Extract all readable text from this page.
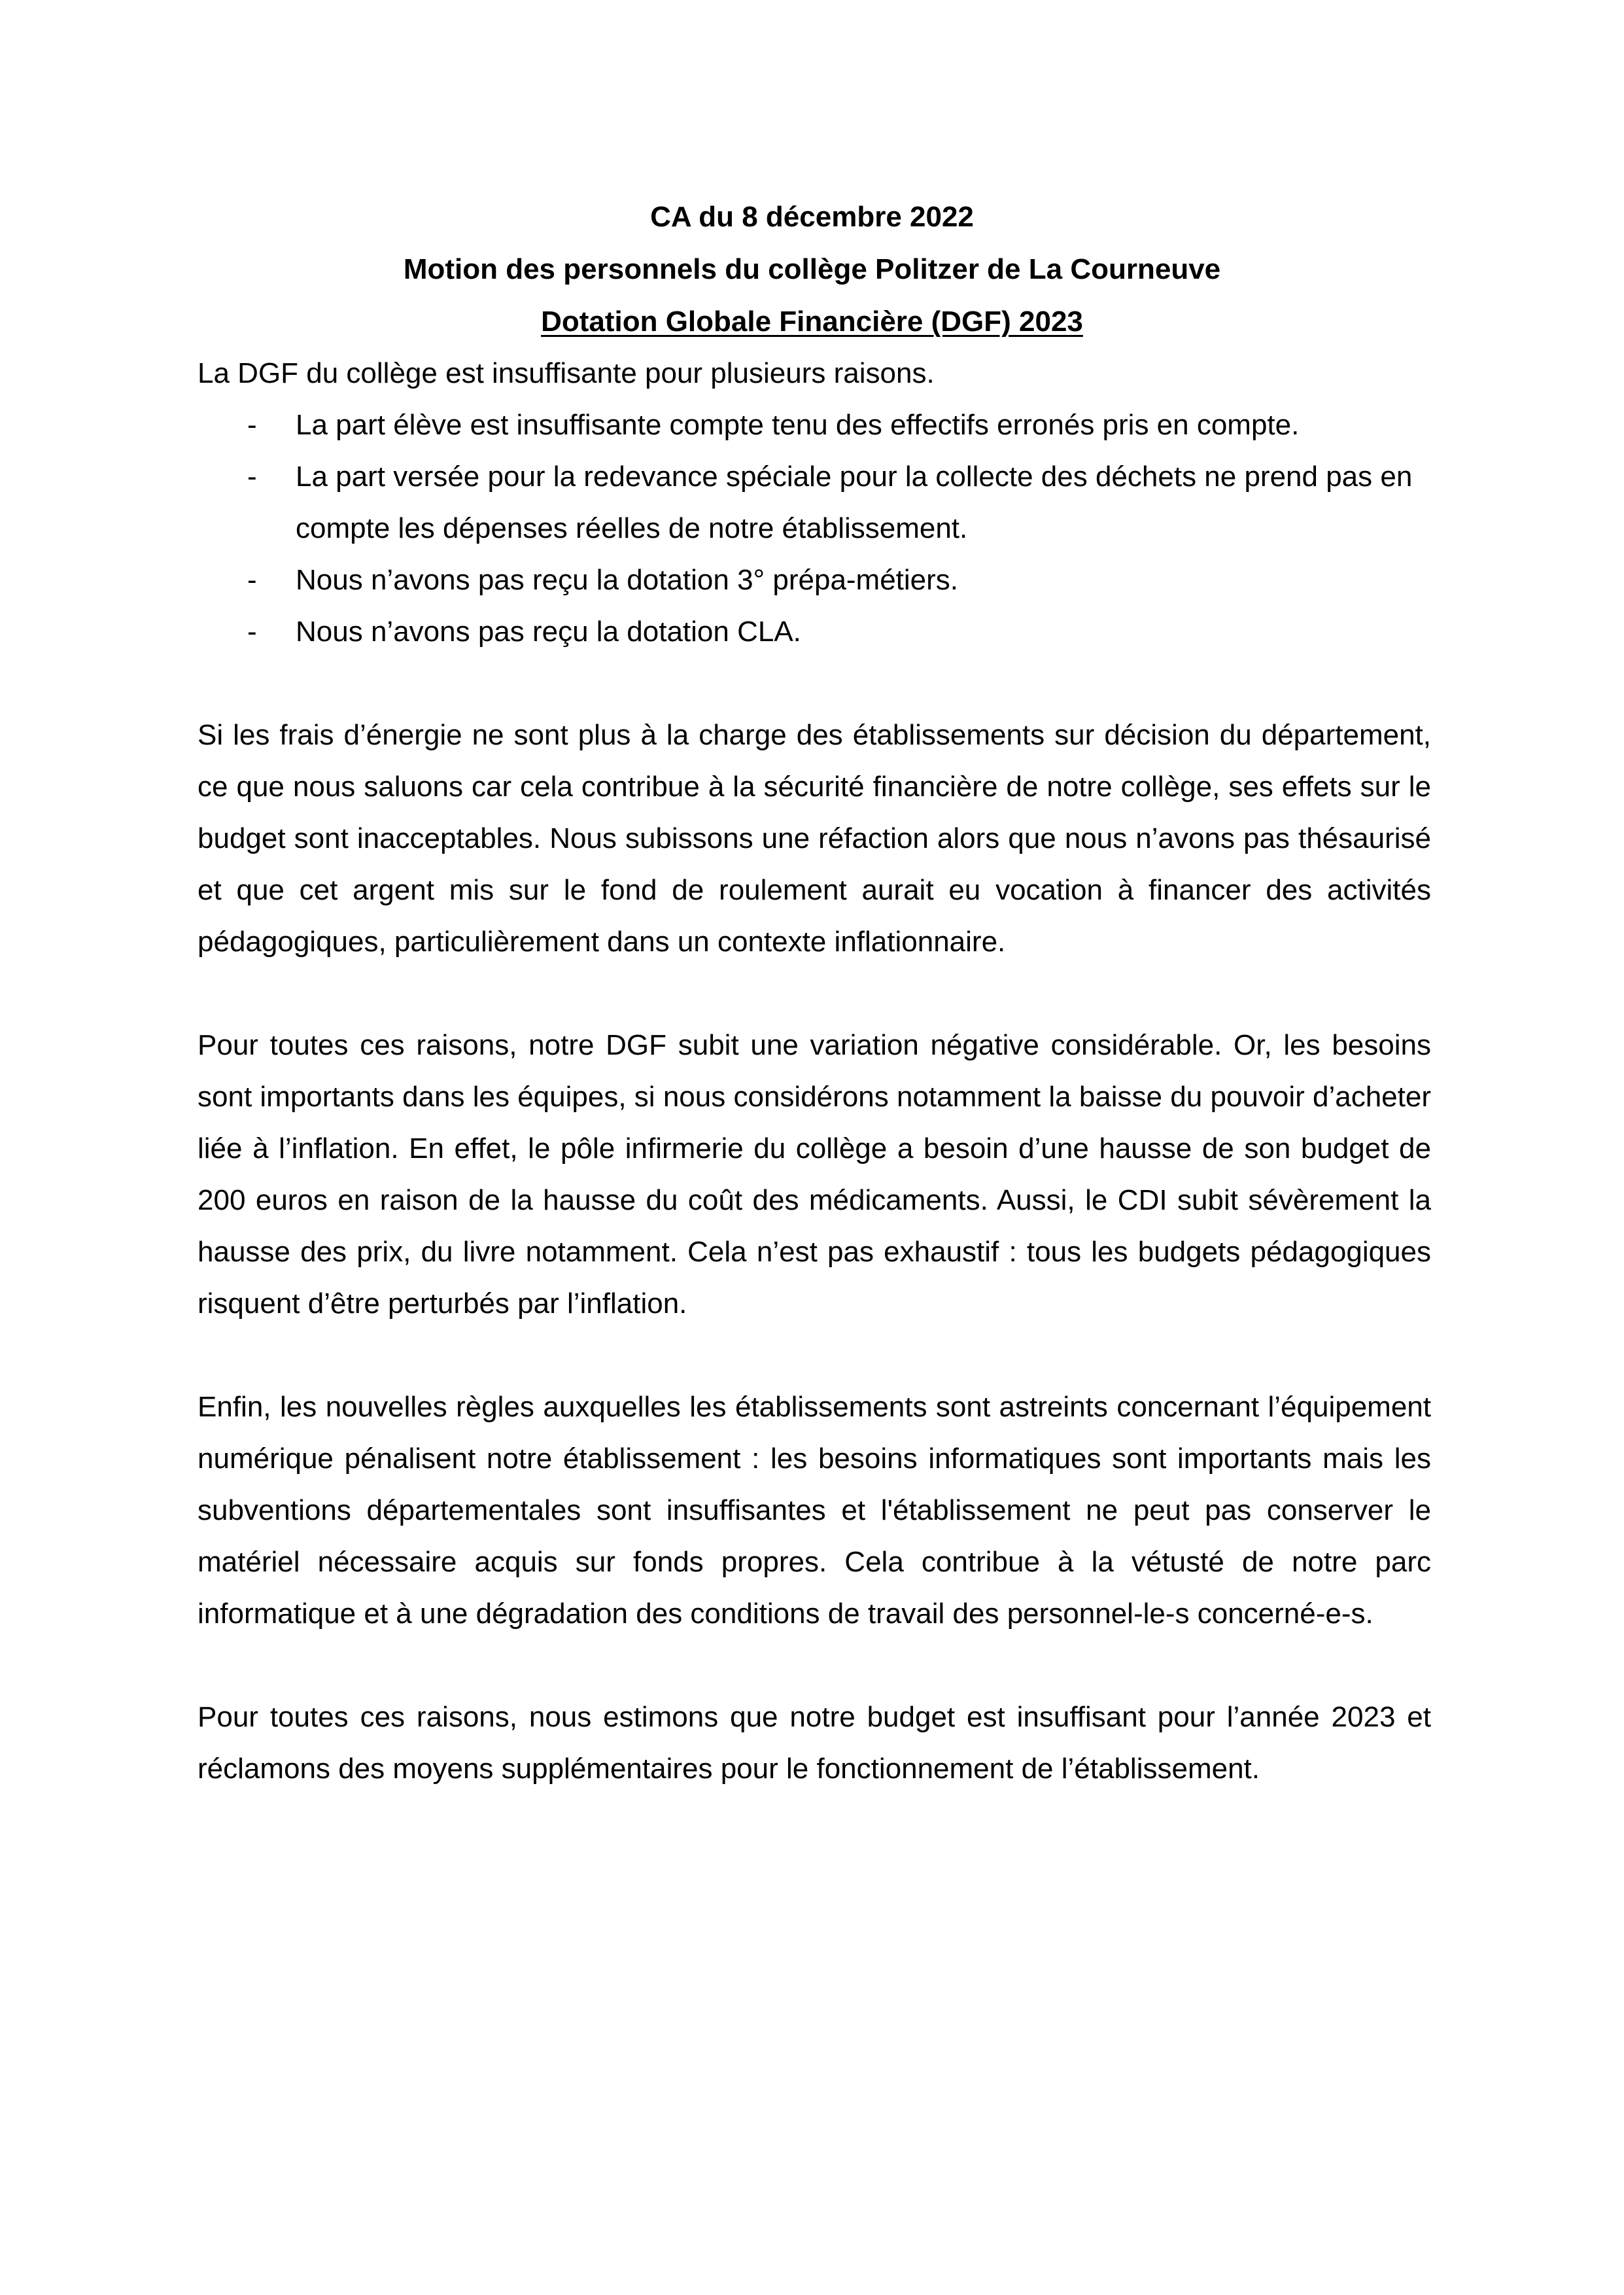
CA du 8 décembre 2022
Motion des personnels du collège Politzer de La Courneuve
Dotation Globale Financière (DGF) 2023

La DGF du collège est insuffisante pour plusieurs raisons.

- La part élève est insuffisante compte tenu des effectifs erronés pris en compte.
- La part versée pour la redevance spéciale pour la collecte des déchets ne prend pas en compte les dépenses réelles de notre établissement.
- Nous n’avons pas reçu la dotation 3° prépa-métiers.
- Nous n’avons pas reçu la dotation CLA.

Si les frais d’énergie ne sont plus à la charge des établissements sur décision du département, ce que nous saluons car cela contribue à la sécurité financière de notre collège, ses effets sur le budget sont inacceptables. Nous subissons une réfaction alors que nous n’avons pas thésaurisé et que cet argent mis sur le fond de roulement aurait eu vocation à financer des activités pédagogiques, particulièrement dans un contexte inflationnaire.

Pour toutes ces raisons, notre DGF subit une variation négative considérable. Or, les besoins sont importants dans les équipes, si nous considérons notamment la baisse du pouvoir d’acheter liée à l’inflation. En effet, le pôle infirmerie du collège a besoin d’une hausse de son budget de 200 euros en raison de la hausse du coût des médicaments. Aussi, le CDI subit sévèrement la hausse des prix, du livre notamment. Cela n’est pas exhaustif : tous les budgets pédagogiques risquent d’être perturbés par l’inflation.

Enfin, les nouvelles règles auxquelles les établissements sont astreints concernant l’équipement numérique pénalisent notre établissement : les besoins informatiques sont importants mais les subventions départementales sont insuffisantes et l'établissement ne peut pas conserver le matériel nécessaire acquis sur fonds propres. Cela contribue à la vétusté de notre parc informatique et à une dégradation des conditions de travail des personnel-le-s concerné-e-s.

Pour toutes ces raisons, nous estimons que notre budget est insuffisant pour l’année 2023 et réclamons des moyens supplémentaires pour le fonctionnement de l’établissement.
